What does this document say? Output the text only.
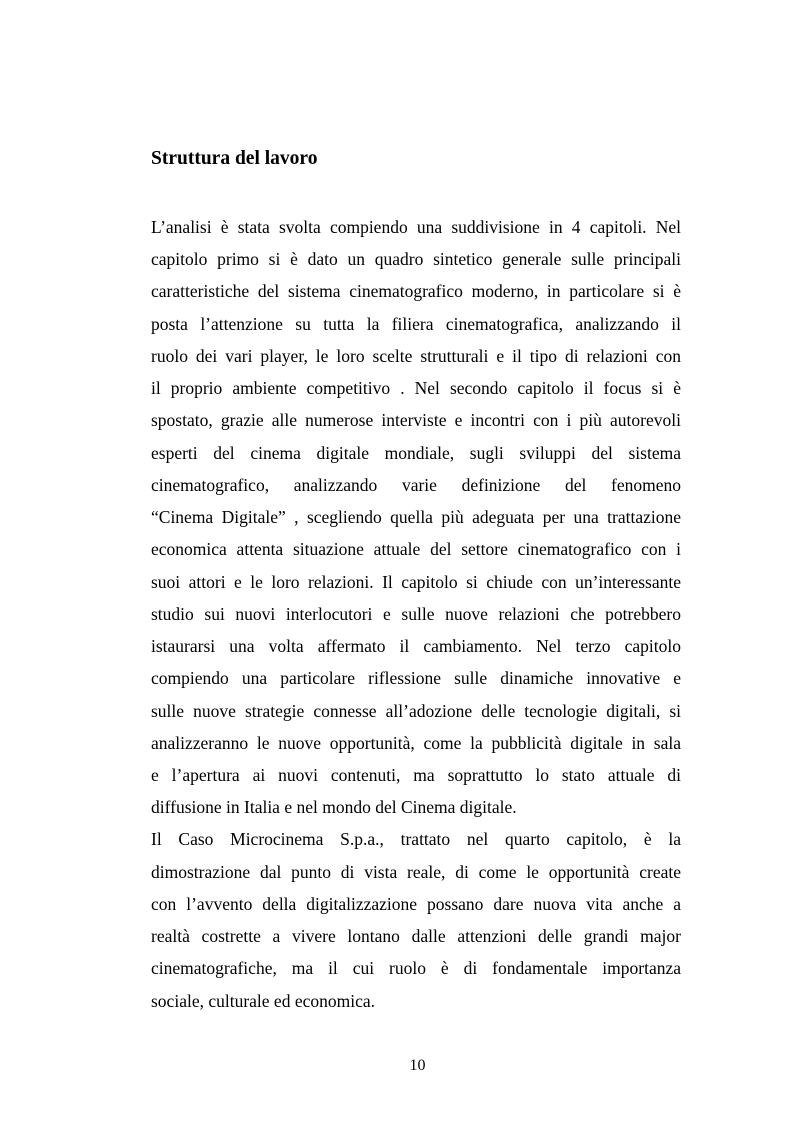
Struttura del lavoro
L’analisi è stata svolta compiendo una suddivisione in 4 capitoli. Nel
capitolo primo si è dato un quadro sintetico generale sulle principali
caratteristiche del sistema cinematografico moderno, in particolare si è
posta l’attenzione su tutta la filiera cinematografica, analizzando il
ruolo dei vari player, le loro scelte strutturali e il tipo di relazioni con
il proprio ambiente competitivo . Nel secondo capitolo il focus si è
spostato, grazie alle numerose interviste e incontri con i più autorevoli
esperti del cinema digitale mondiale, sugli sviluppi del sistema
cinematografico, analizzando varie definizione del fenomeno
“Cinema Digitale” , scegliendo quella più adeguata per una trattazione
economica attenta situazione attuale del settore cinematografico con i
suoi attori e le loro relazioni. Il capitolo si chiude con un’interessante
studio sui nuovi interlocutori e sulle nuove relazioni che potrebbero
istaurarsi una volta affermato il cambiamento. Nel terzo capitolo
compiendo una particolare riflessione sulle dinamiche innovative e
sulle nuove strategie connesse all’adozione delle tecnologie digitali, si
analizzeranno le nuove opportunità, come la pubblicità digitale in sala
e l’apertura ai nuovi contenuti, ma soprattutto lo stato attuale di
diffusione in Italia e nel mondo del Cinema digitale.
Il Caso Microcinema S.p.a., trattato nel quarto capitolo, è la
dimostrazione dal punto di vista reale, di come le opportunità create
con l’avvento della digitalizzazione possano dare nuova vita anche a
realtà costrette a vivere lontano dalle attenzioni delle grandi major
cinematografiche, ma il cui ruolo è di fondamentale importanza
sociale, culturale ed economica.
10
